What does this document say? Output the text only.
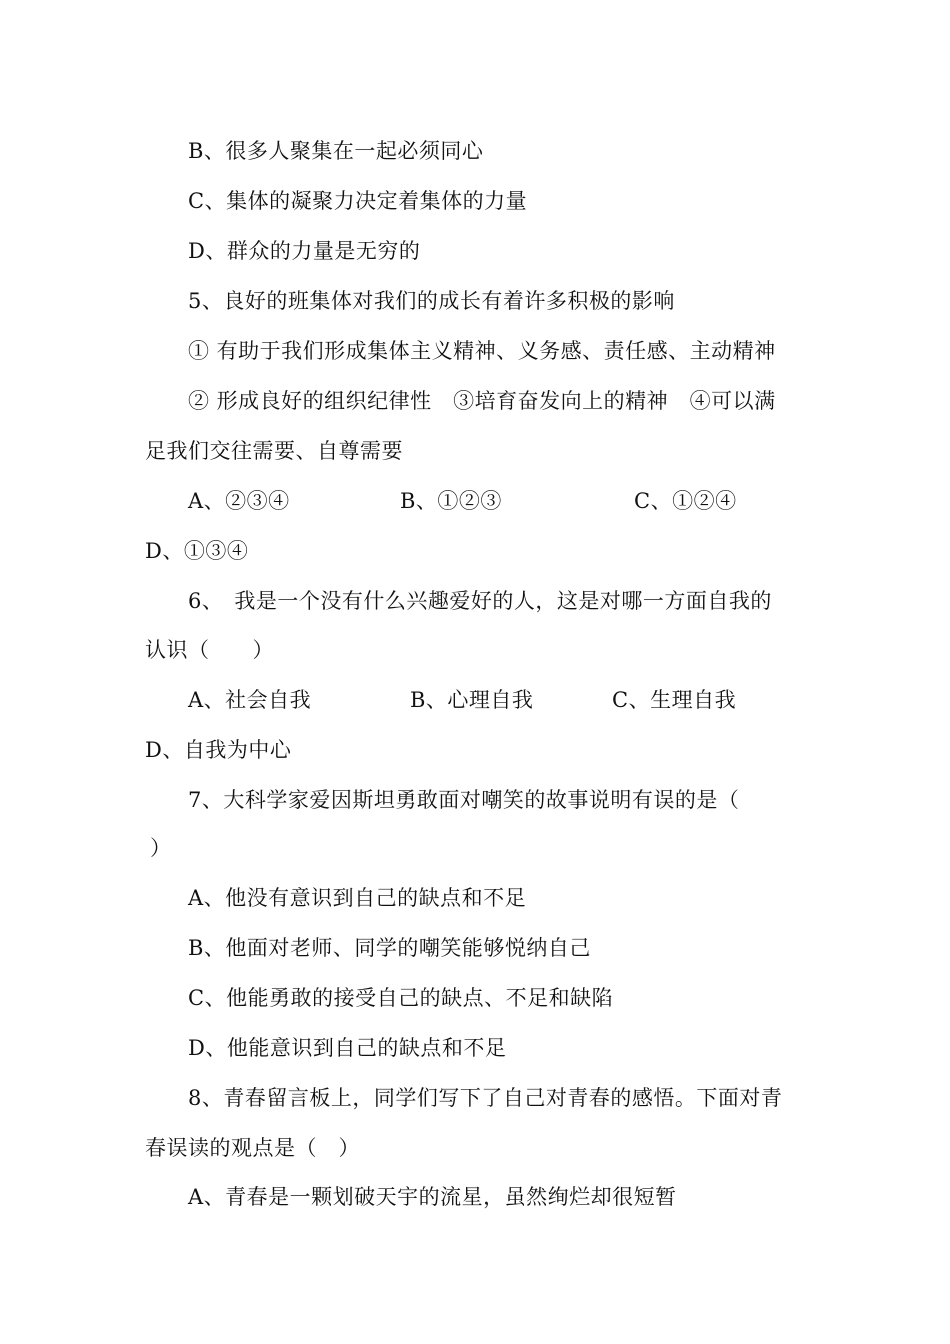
B、很多人聚集在一起必须同心
C、集体的凝聚力决定着集体的力量
D、群众的力量是无穷的
5、良好的班集体对我们的成长有着许多积极的影响
① 有助于我们形成集体主义精神、义务感、责任感、主动精神
② 形成良好的组织纪律性　③培育奋发向上的精神　④可以满
足我们交往需要、自尊需要
A、②③④	B、①②③	C、①②④
D、①③④
6、　我是一个没有什么兴趣爱好的人，这是对哪一方面自我的
认识（　　）
A、社会自我	B、心理自我	C、生理自我
D、自我为中心
7、大科学家爱因斯坦勇敢面对嘲笑的故事说明有误的是（
）
A、他没有意识到自己的缺点和不足
B、他面对老师、同学的嘲笑能够悦纳自己
C、他能勇敢的接受自己的缺点、不足和缺陷
D、他能意识到自己的缺点和不足
8、青春留言板上，同学们写下了自己对青春的感悟。下面对青
春误读的观点是（　）
A、青春是一颗划破天宇的流星，虽然绚烂却很短暂
